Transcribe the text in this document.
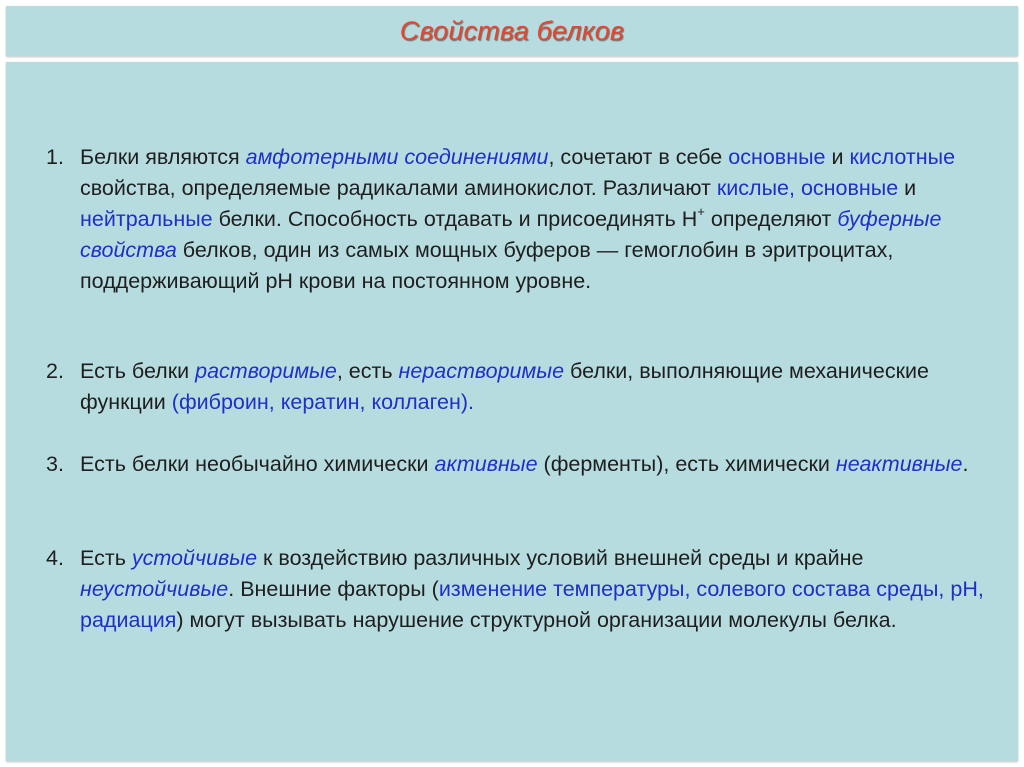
Свойства белков
1. Белки являются амфотерными соединениями, сочетают в себе основные и кислотные свойства, определяемые радикалами аминокислот. Различают кислые, основные и нейтральные белки. Способность отдавать и присоединять Н+ определяют буферные свойства белков, один из самых мощных буферов — гемоглобин в эритроцитах, поддерживающий рН крови на постоянном уровне.
2. Есть белки растворимые, есть нерастворимые белки, выполняющие механические функции (фиброин, кератин, коллаген).
3. Есть белки необычайно химически активные (ферменты), есть химически неактивные.
4. Есть устойчивые к воздействию различных условий внешней среды и крайне неустойчивые. Внешние факторы (изменение температуры, солевого состава среды, рН, радиация) могут вызывать нарушение структурной организации молекулы белка.
